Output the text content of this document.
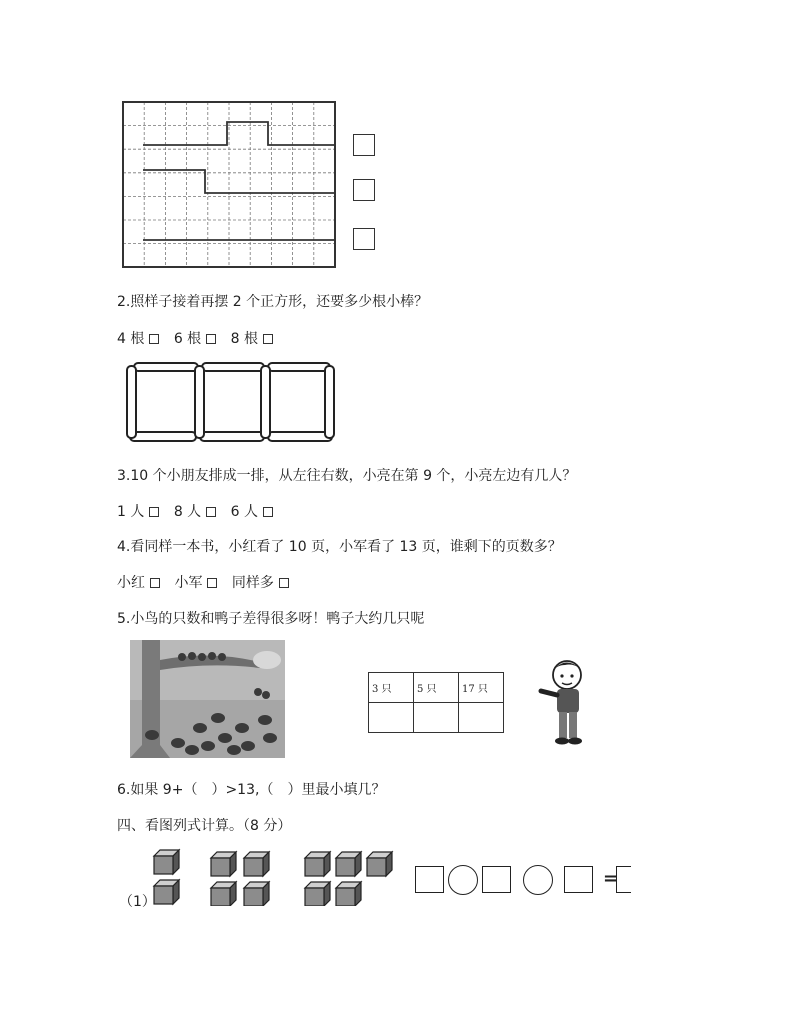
2.照样子接着再摆 2 个正方形，还要多少根小棒？
4 根 6 根 8 根
3.10 个小朋友排成一排，从左往右数，小亮在第 9 个，小亮左边有几人？
1 人 8 人 6 人
4.看同样一本书，小红看了 10 页，小军看了 13 页，谁剩下的页数多？
小红 小军 同样多
5.小鸟的只数和鸭子差得很多呀！鸭子大约几只呢
3 只	5 只	17 只

6.如果 9+（　）>13,（　）里最小填几？
四、看图列式计算。（8 分）
（1）
=
